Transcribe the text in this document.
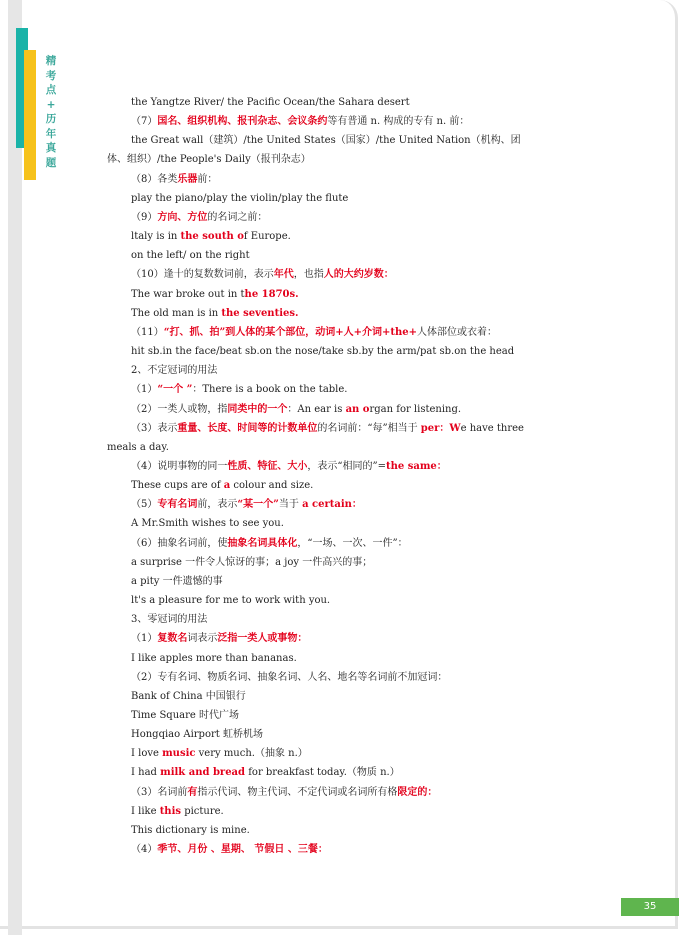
精
考
点
+
历
年
真
题
the Yangtze River/ the Pacific Ocean/the Sahara desert
（7）国名、组织机构、报刊杂志、会议条约等有普通 n. 构成的专有 n. 前：
the Great wall（建筑）/the United States（国家）/the United Nation（机构、团
体、组织）/the People's Daily（报刊杂志）
（8）各类乐器前：
play the piano/play the violin/play the flute
（9）方向、方位的名词之前：
ltaly is in the south of Europe.
on the left/ on the right
（10）逢十的复数数词前，表示年代，也指人的大约岁数：
The war broke out in the 1870s.
The old man is in the seventies.
（11）“打、抓、拍”到人体的某个部位，动词+人+介词+the+人体部位或衣着：
hit sb.in the face/beat sb.on the nose/take sb.by the arm/pat sb.on the head
2、不定冠词的用法
（1）“一个 ”：There is a book on the table.
（2）一类人或物，指同类中的一个：An ear is an organ for listening.
（3）表示重量、长度、时间等的计数单位的名词前：“每”相当于 per：We have three
meals a day.
（4）说明事物的同一性质、特征、大小，表示“相同的”=the same：
These cups are of a colour and size.
（5）专有名词前，表示“某一个”当于 a certain：
A Mr.Smith wishes to see you.
（6）抽象名词前，使抽象名词具体化，“一场、一次、一件”：
a surprise 一件令人惊讶的事；a joy 一件高兴的事；
a pity 一件遗憾的事
lt's a pleasure for me to work with you.
3、零冠词的用法
（1）复数名词表示泛指一类人或事物：
I like apples more than bananas.
（2）专有名词、物质名词、抽象名词、人名、地名等名词前不加冠词：
Bank of China 中国银行
Time Square 时代广场
Hongqiao Airport 虹桥机场
I love music very much.（抽象 n.）
I had milk and bread for breakfast today.（物质 n.）
（3）名词前有指示代词、物主代词、不定代词或名词所有格限定的：
I like this picture.
This dictionary is mine.
（4）季节、月份 、星期、 节假日 、三餐：
35
